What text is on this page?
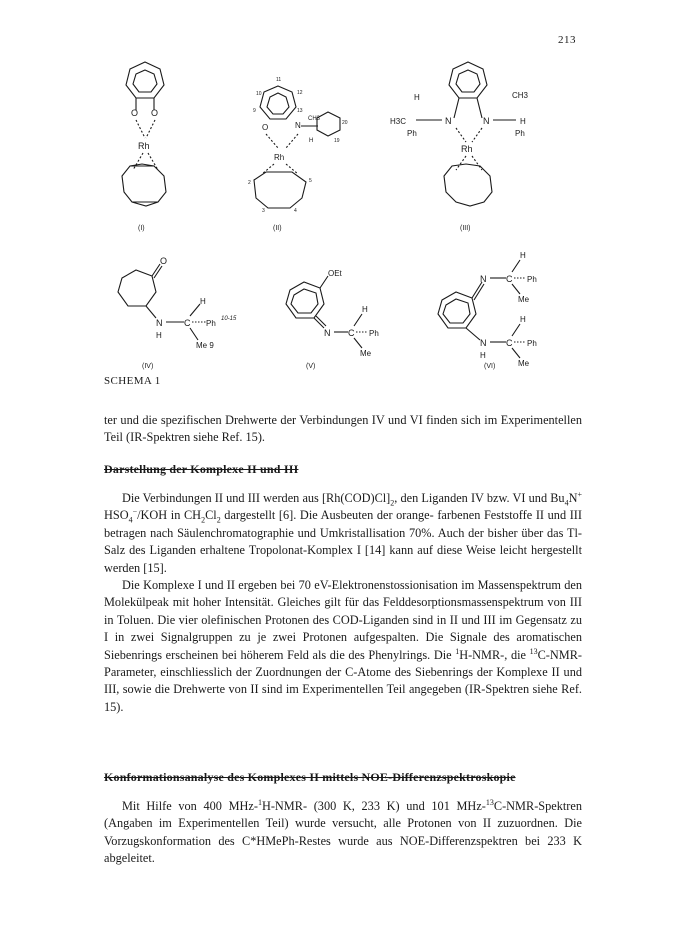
213
O O
Rh
(I)
11
10	12
9	13
O	N
CH3
20
19
H
Rh
2	5
3	4
(II)
N	N
H
H3C
Ph
CH3
H
Ph
Rh
(III)
O
N
H
C
H
Ph 10-15
Me 9
(IV)
OEt
N C
H
Ph
Me
(V)
N C
H
Ph
Me
N
H
C
H
Ph
Me
(VI)
SCHEMA 1

ter und die spezifischen Drehwerte der Verbindungen IV und VI finden sich im Experimentellen Teil (IR-Spektren siehe Ref. 15).

Darstellung der Komplexe II und III

Die Verbindungen II und III werden aus $[Rh(COD)Cl]_2$, den Liganden IV bzw. VI und $Bu_4N^+$ $HSO_4^-$/KOH in $CH_2Cl_2$ dargestellt [6]. Die Ausbeuten der orange- farbenen Feststoffe II und III betragen nach Säulenchromatographie und Umkristallisation 70%. Auch der bisher über das Tl-Salz des Liganden erhaltene Tropolonat-Komplex I [14] kann auf diese Weise leicht hergestellt werden [15].

Die Komplexe I und II ergeben bei 70 eV-Elektronenstossionisation im Massenspektrum den Molekülpeak mit hoher Intensität. Gleiches gilt für das Felddesorptionsmassenspektrum von III in Toluen. Die vier olefinischen Protonen des COD-Liganden sind in II und III im Gegensatz zu I in zwei Signalgruppen zu je zwei Protonen aufgespalten. Die Signale des aromatischen Siebenrings erscheinen bei höherem Feld als die des Phenylrings. Die $^1$H-NMR-, die $^{13}$C-NMR-Parameter, einschliesslich der Zuordnungen der C-Atome des Siebenrings der Komplexe II und III, sowie die Drehwerte von II sind im Experimentellen Teil angegeben (IR-Spektren siehe Ref. 15).

Konformationsanalyse des Komplexes II mittels NOE-Differenzspektroskopie

Mit Hilfe von 400 MHz-$^1$H-NMR- (300 K, 233 K) und 101 MHz-$^{13}$C-NMR-Spektren (Angaben im Experimentellen Teil) wurde versucht, alle Protonen von II zuzuordnen. Die Vorzugskonformation des C*HMePh-Restes wurde aus NOE-Differenzspektren bei 233 K abgeleitet.
